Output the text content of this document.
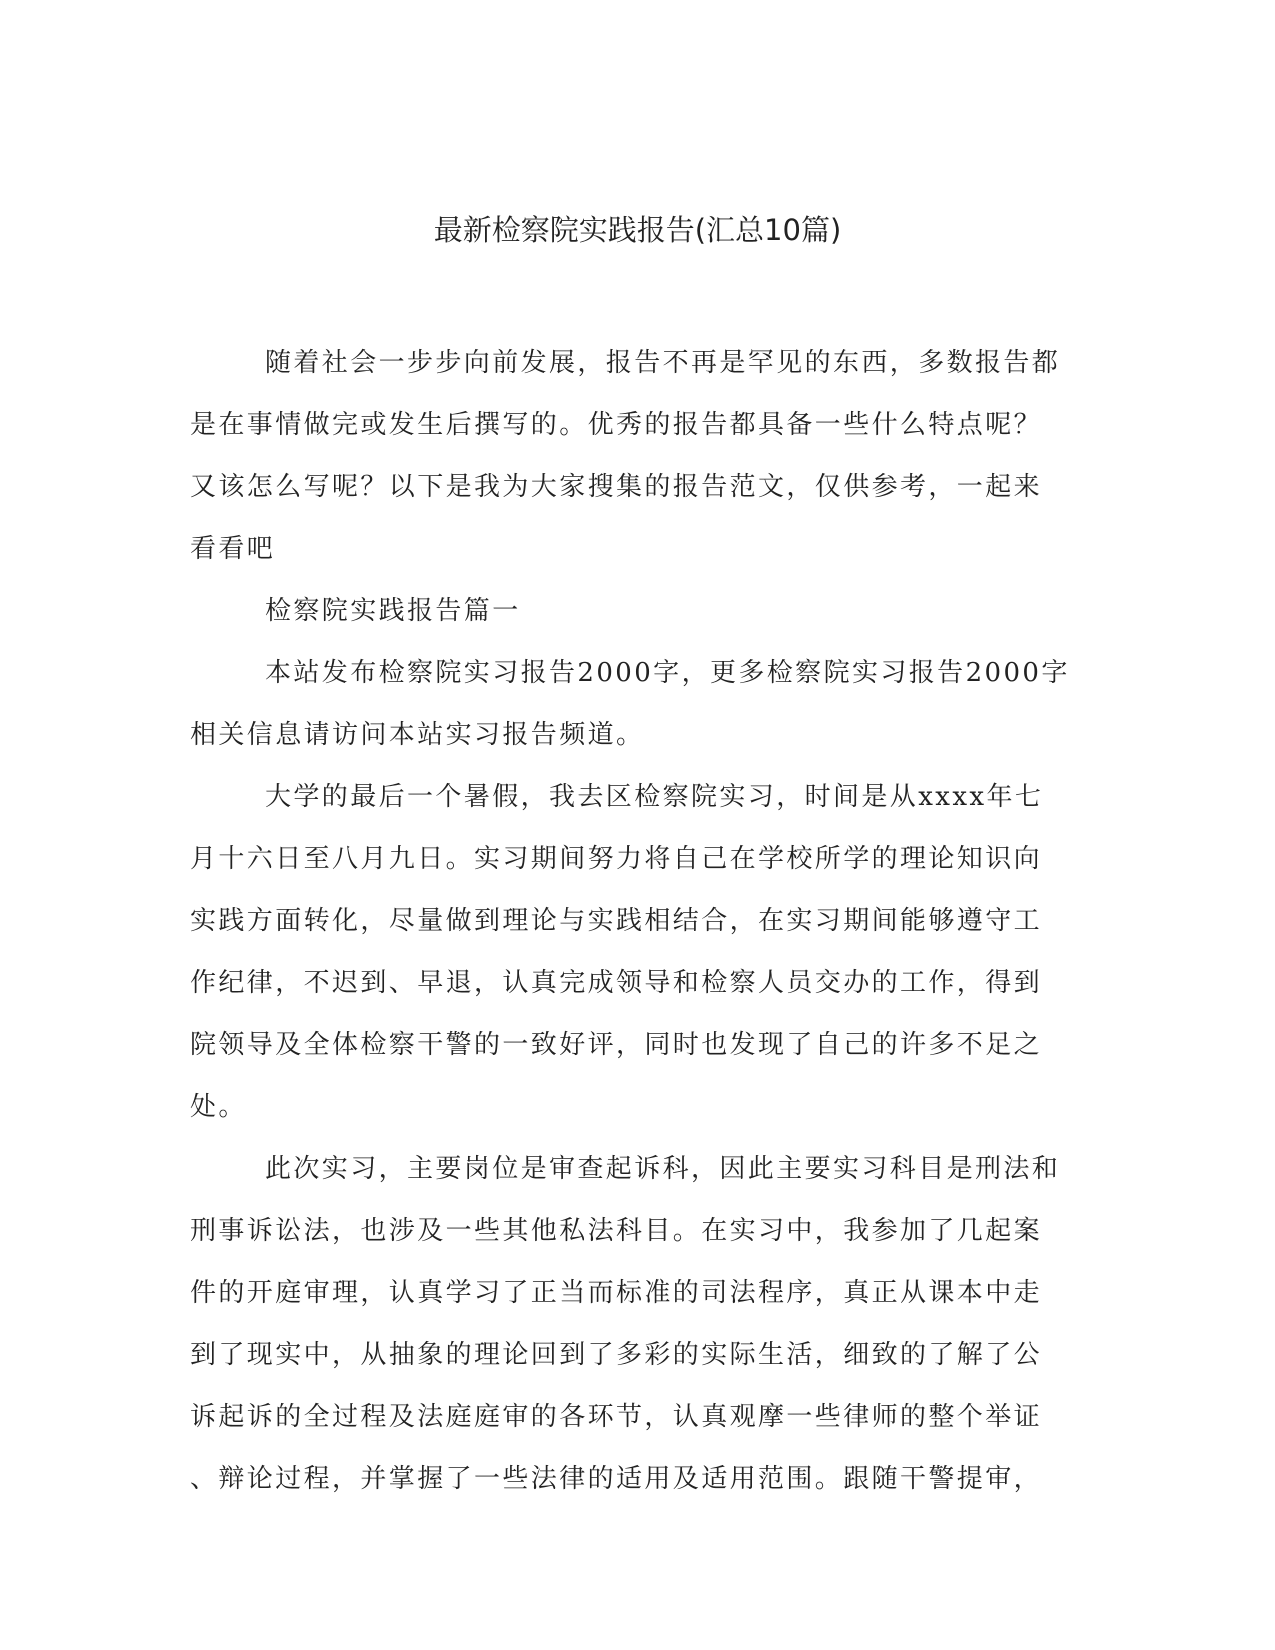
最新检察院实践报告(汇总10篇)

随着社会一步步向前发展，报告不再是罕见的东西，多数报告都
是在事情做完或发生后撰写的。优秀的报告都具备一些什么特点呢？
又该怎么写呢？以下是我为大家搜集的报告范文，仅供参考，一起来
看看吧

检察院实践报告篇一

本站发布检察院实习报告2000字，更多检察院实习报告2000字
相关信息请访问本站实习报告频道。

大学的最后一个暑假，我去区检察院实习，时间是从xxxx年七
月十六日至八月九日。实习期间努力将自己在学校所学的理论知识向
实践方面转化，尽量做到理论与实践相结合，在实习期间能够遵守工
作纪律，不迟到、早退，认真完成领导和检察人员交办的工作，得到
院领导及全体检察干警的一致好评，同时也发现了自己的许多不足之
处。

此次实习，主要岗位是审查起诉科，因此主要实习科目是刑法和
刑事诉讼法，也涉及一些其他私法科目。在实习中，我参加了几起案
件的开庭审理，认真学习了正当而标准的司法程序，真正从课本中走
到了现实中，从抽象的理论回到了多彩的实际生活，细致的了解了公
诉起诉的全过程及法庭庭审的各环节，认真观摩一些律师的整个举证
、辩论过程，并掌握了一些法律的适用及适用范围。跟随干警提审，
